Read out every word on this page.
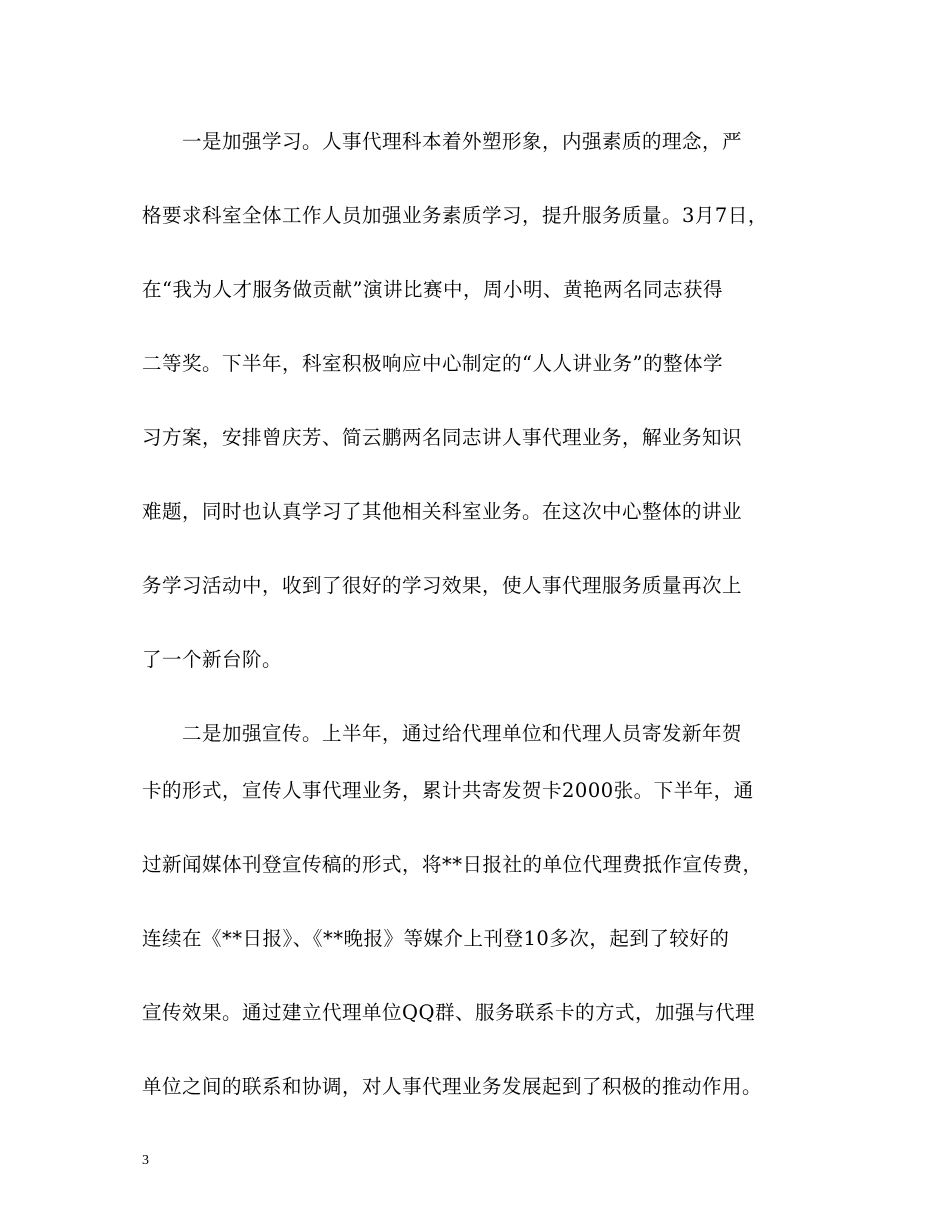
　　一是加强学习。人事代理科本着外塑形象，内强素质的理念，严
格要求科室全体工作人员加强业务素质学习，提升服务质量。3月7日，
在“我为人才服务做贡献”演讲比赛中，周小明、黄艳两名同志获得
二等奖。下半年，科室积极响应中心制定的“人人讲业务”的整体学
习方案，安排曾庆芳、简云鹏两名同志讲人事代理业务，解业务知识
难题，同时也认真学习了其他相关科室业务。在这次中心整体的讲业
务学习活动中，收到了很好的学习效果，使人事代理服务质量再次上
了一个新台阶。
　　二是加强宣传。上半年，通过给代理单位和代理人员寄发新年贺
卡的形式，宣传人事代理业务，累计共寄发贺卡2000张。下半年，通
过新闻媒体刊登宣传稿的形式，将**日报社的单位代理费抵作宣传费，
连续在《**日报》、《**晚报》等媒介上刊登10多次，起到了较好的
宣传效果。通过建立代理单位QQ群、服务联系卡的方式，加强与代理
单位之间的联系和协调，对人事代理业务发展起到了积极的推动作用。
3
